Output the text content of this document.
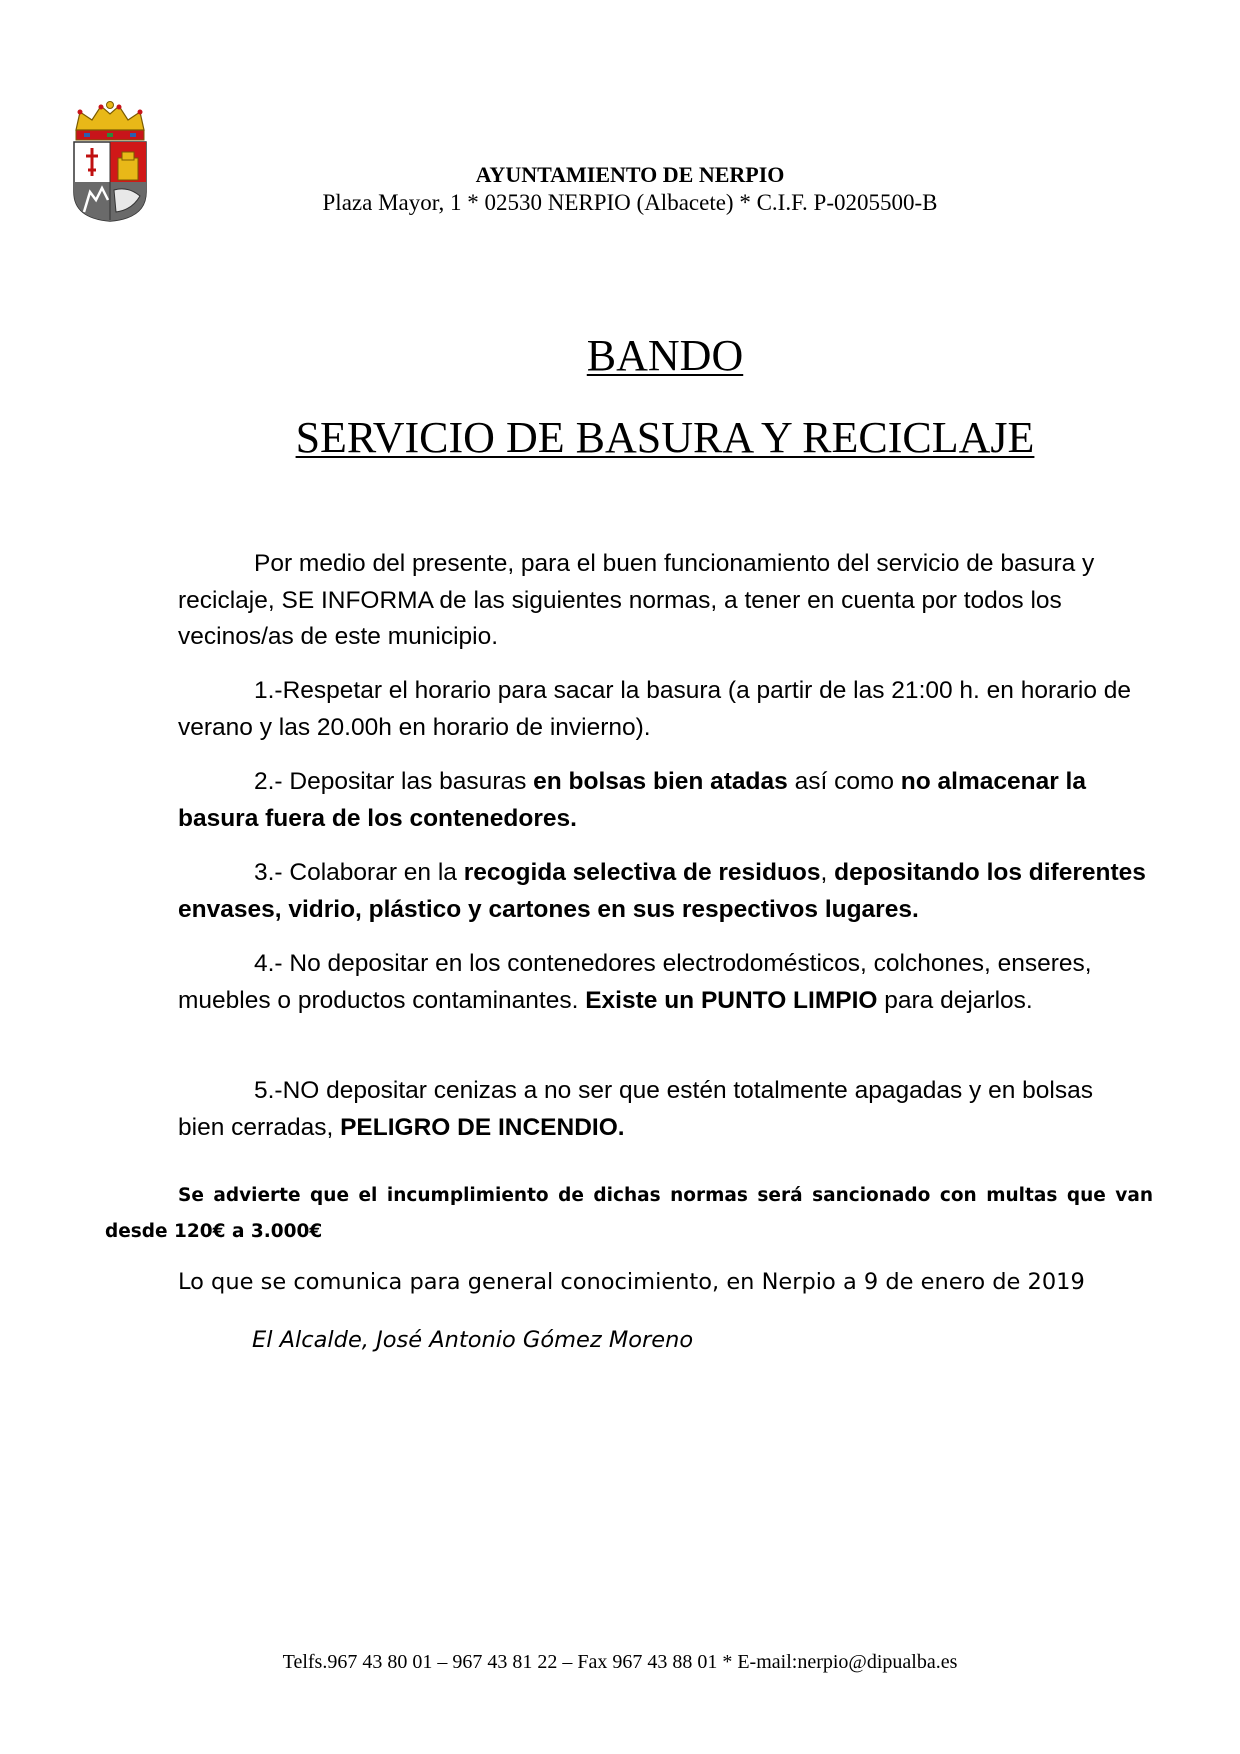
AYUNTAMIENTO DE NERPIO
Plaza Mayor, 1 * 02530 NERPIO (Albacete) * C.I.F. P-0205500-B
BANDO
SERVICIO DE BASURA Y RECICLAJE

Por medio del presente, para el buen funcionamiento del servicio de basura y reciclaje, SE INFORMA de las siguientes normas, a tener en cuenta por todos los vecinos/as de este municipio.

1.-Respetar el horario para sacar la basura (a partir de las 21:00 h. en horario de verano y las 20.00h en horario de invierno).

2.- Depositar las basuras en bolsas bien atadas así como no almacenar la basura fuera de los contenedores.

3.- Colaborar en la recogida selectiva de residuos, depositando los diferentes envases, vidrio, plástico y cartones en sus respectivos lugares.

4.- No depositar en los contenedores electrodomésticos, colchones, enseres, muebles o productos contaminantes. Existe un PUNTO LIMPIO para dejarlos.

5.-NO depositar cenizas a no ser que estén totalmente apagadas y en bolsas bien cerradas, PELIGRO DE INCENDIO.

Se advierte que el incumplimiento de dichas normas será sancionado con multas que van desde 120€ a 3.000€

Lo que se comunica para general conocimiento, en Nerpio a 9 de enero de 2019

El Alcalde, José Antonio Gómez Moreno

Telfs.967 43 80 01 – 967 43 81 22 – Fax 967 43 88 01 * E-mail:nerpio@dipualba.es
